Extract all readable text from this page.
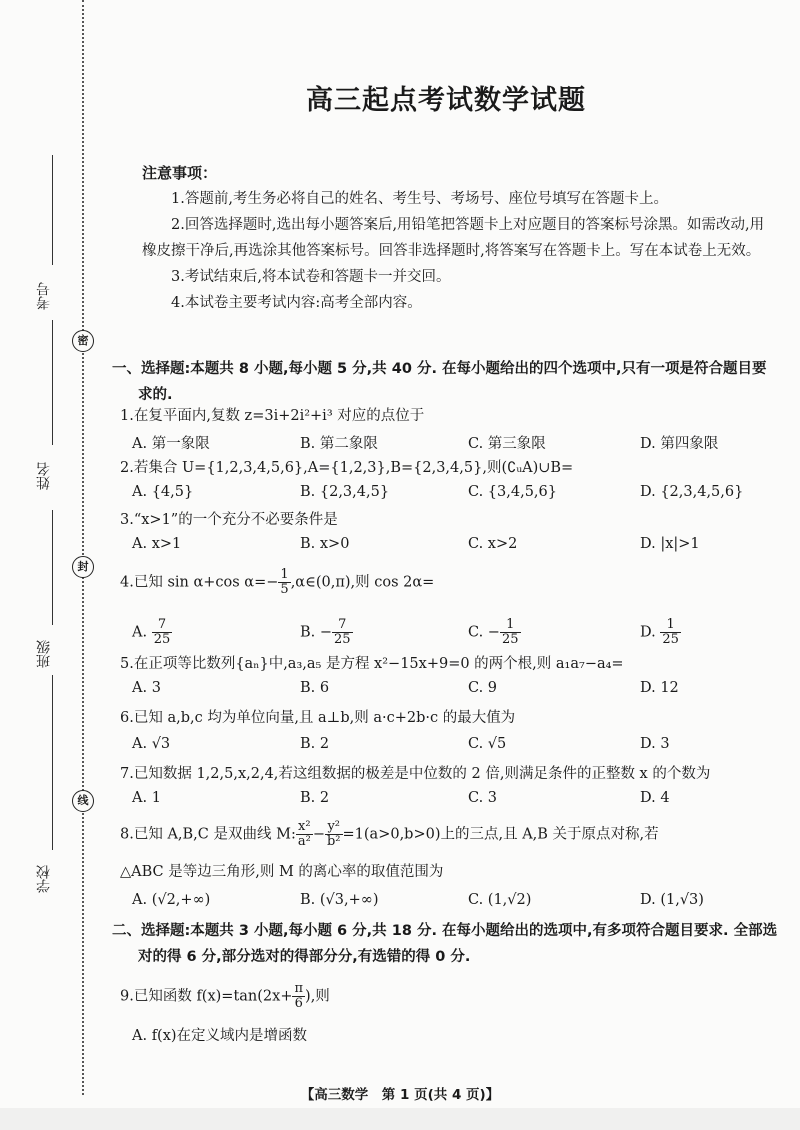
密
封
线
考号
姓名
班级
学校
高三起点考试数学试题
注意事项：

1.答题前,考生务必将自己的姓名、考生号、考场号、座位号填写在答题卡上。

2.回答选择题时,选出每小题答案后,用铅笔把答题卡上对应题目的答案标号涂黑。如需改动,用橡皮擦干净后,再选涂其他答案标号。回答非选择题时,将答案写在答题卡上。写在本试卷上无效。

3.考试结束后,将本试卷和答题卡一并交回。

4.本试卷主要考试内容:高考全部内容。

一、选择题:本题共 8 小题,每小题 5 分,共 40 分. 在每小题给出的四个选项中,只有一项是符合题目要求的.
1.在复平面内,复数 z=3i+2i²+i³ 对应的点位于
A. 第一象限	B. 第二象限	C. 第三象限	D. 第四象限
2.若集合 U={1,2,3,4,5,6},A={1,2,3},B={2,3,4,5},则(∁ᵤA)∪B=
A. {4,5}	B. {2,3,4,5}	C. {3,4,5,6}	D. {2,3,4,5,6}
3.“x>1”的一个充分不必要条件是
A. x>1	B. x>0	C. x>2	D. |x|>1
4.已知 sin α+cos $\alpha=- \frac{1}{5}$ ,α∈(0,π),则 cos 2α=
A. $\frac{7}{25}$	B. − $\frac{7}{25}$	C. − $\frac{1}{25}$	D. $\frac{1}{25}$
5.在正项等比数列{aₙ}中,a₃,a₅ 是方程 x²−15x+9=0 的两个根,则 a₁a₇−a₄=
A. 3	B. 6	C. 9	D. 12
6.已知 a,b,c 均为单位向量,且 a⊥b,则 a·c+2b·c 的最大值为
A. √3	B. 2	C. √5	D. 3
7.已知数据 1,2,5,x,2,4,若这组数据的极差是中位数的 2 倍,则满足条件的正整数 x 的个数为
A. 1	B. 2	C. 3	D. 4
8.已知 A,B,C 是双曲线 M: $\frac{\text{x²}}{\text{a²}} - \frac{\text{y²}}{\text{b²}} =1(a>0,b>0)$上的三点,且 A,B 关于原点对称,若
△ABC 是等边三角形,则 M 的离心率的取值范围为
A. (√2,+∞)	B. (√3,+∞)	C. (1,√2)	D. (1,√3)
二、选择题:本题共 3 小题,每小题 6 分,共 18 分. 在每小题给出的选项中,有多项符合题目要求. 全部选对的得 6 分,部分选对的得部分分,有选错的得 0 分.
9.已知函数 $f(x)=\tan(2x+ \frac{\pi}{6}$ ),则
A. f(x)在定义域内是增函数
【高三数学　第 1 页(共 4 页)】
